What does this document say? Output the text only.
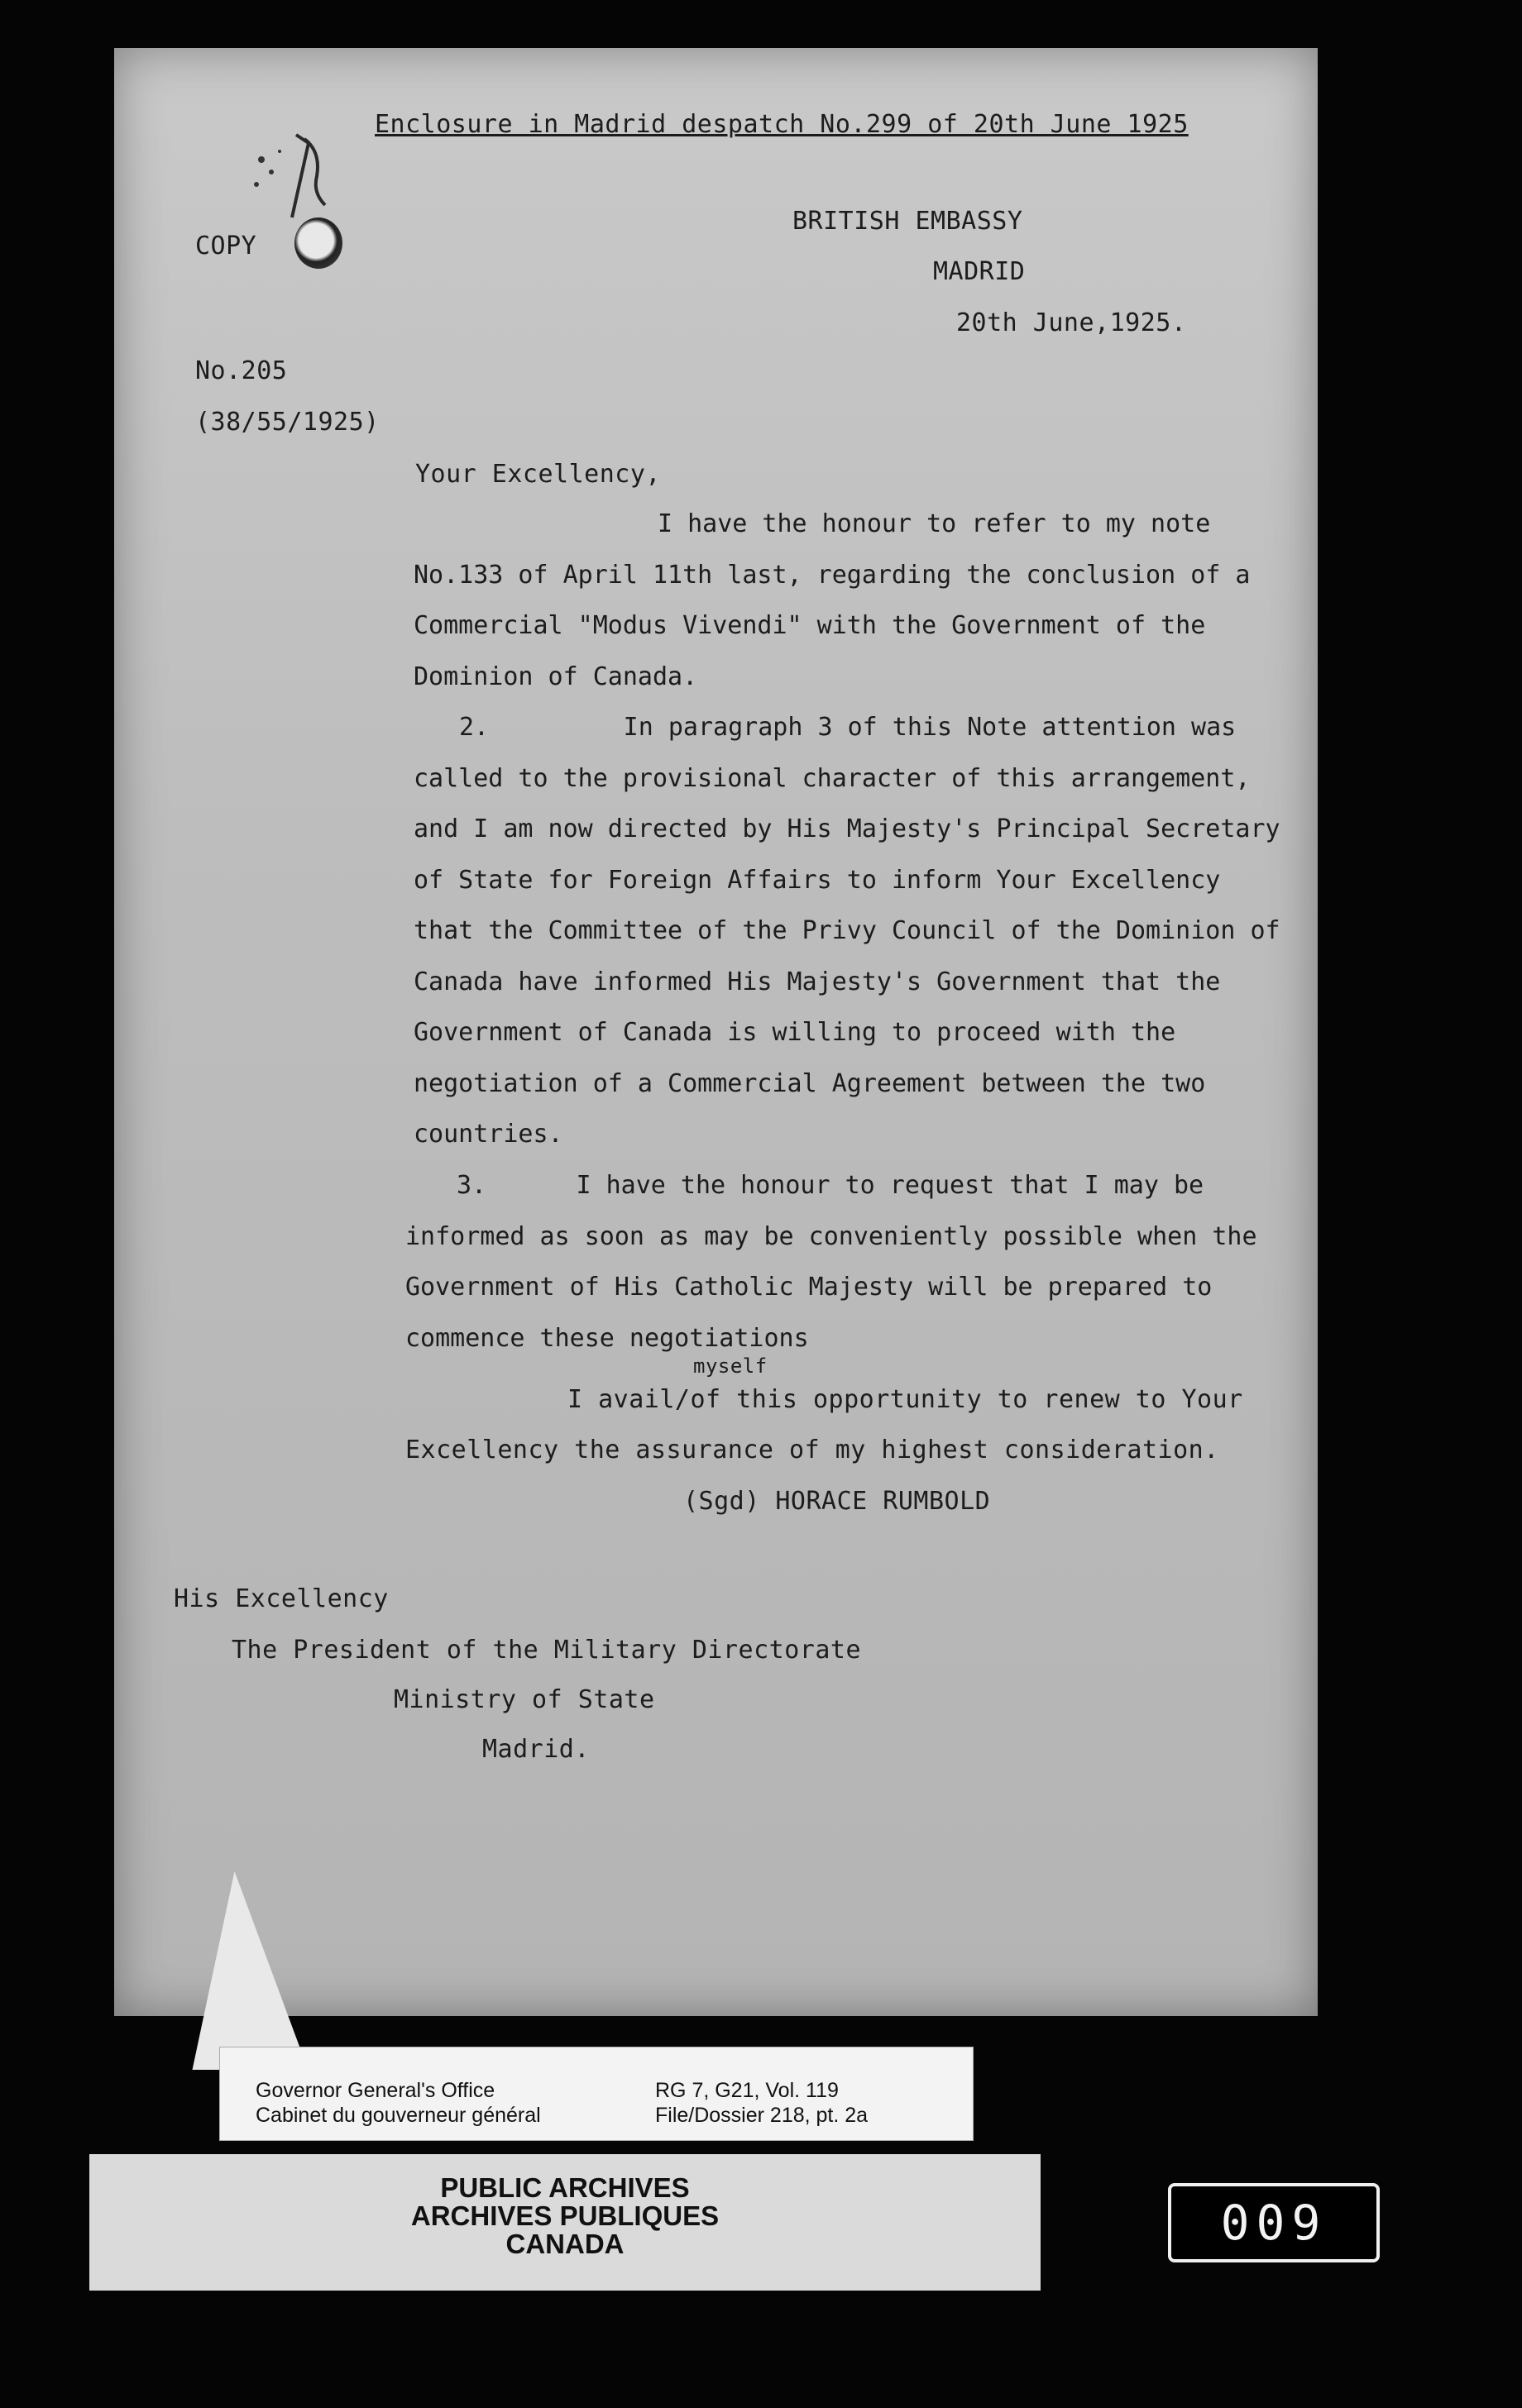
Enclosure in Madrid despatch No.299 of 20th June 1925
COPY
BRITISH EMBASSY
MADRID
20th June,1925.
No.205
(38/55/1925)
Your Excellency,
I have the honour to refer to my note
No.133 of April 11th last, regarding the conclusion of a
Commercial "Modus Vivendi" with the Government of the
Dominion of Canada.
2.         In paragraph 3 of this Note attention was
called to the provisional character of this arrangement,
and I am now directed by His Majesty's Principal Secretary
of State for Foreign Affairs to inform Your Excellency
that the Committee of the Privy Council of the Dominion of
Canada have informed His Majesty's Government that the
Government of Canada is willing to proceed with the
negotiation of a Commercial Agreement between the two
countries.
3.      I have the honour to request that I may be
informed as soon as may be conveniently possible when the
Government of His Catholic Majesty will be prepared to
commence these negotiations
myself
I avail/of this opportunity to renew to Your
Excellency the assurance of my highest consideration.
(Sgd) HORACE RUMBOLD
His Excellency
The President of the Military Directorate
Ministry of State
Madrid.
Governor General's Office
Cabinet du gouverneur général
RG 7, G21, Vol. 119
File/Dossier 218, pt. 2a
PUBLIC ARCHIVES
ARCHIVES PUBLIQUES
CANADA	009
